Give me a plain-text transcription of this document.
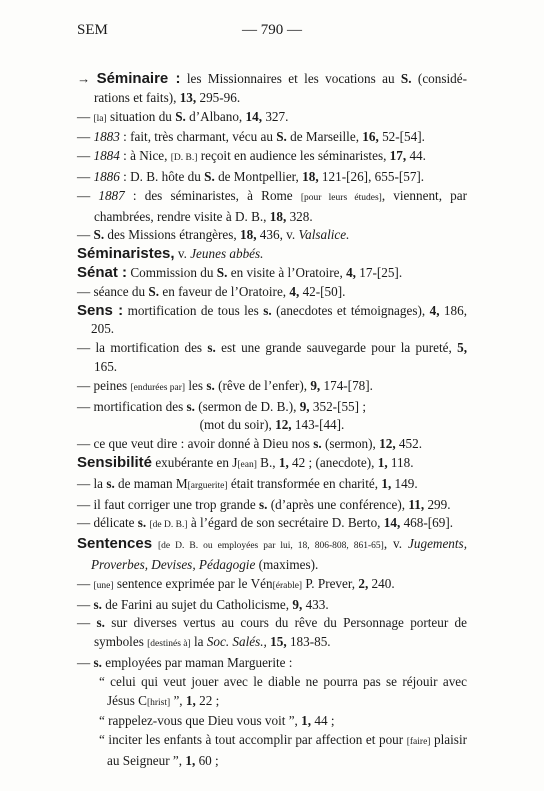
SEM	— 790 —
→ Séminaire : les Missionnaires et les vocations au S. (considé-rations et faits), 13, 295-96.
— [la] situation du S. d’Albano, 14, 327.
— 1883 : fait, très charmant, vécu au S. de Marseille, 16, 52-[54].
— 1884 : à Nice, [D. B.] reçoit en audience les séminaristes, 17, 44.
— 1886 : D. B. hôte du S. de Montpellier, 18, 121-[26], 655-[57].
— 1887 : des séminaristes, à Rome [pour leurs études], viennent, par chambrées, rendre visite à D. B., 18, 328.
— S. des Missions étrangères, 18, 436, v. Valsalice.
Séminaristes, v. Jeunes abbés.
Sénat : Commission du S. en visite à l’Oratoire, 4, 17-[25].
— séance du S. en faveur de l’Oratoire, 4, 42-[50].
Sens : mortification de tous les s. (anecdotes et témoignages), 4, 186, 205.
— la mortification des s. est une grande sauvegarde pour la pureté, 5, 165.
— peines [endurées par] les s. (rêve de l’enfer), 9, 174-[78].
— mortification des s. (sermon de D. B.), 9, 352-[55] ;
(mot du soir), 12, 143-[44].
— ce que veut dire : avoir donné à Dieu nos s. (sermon), 12, 452.
Sensibilité exubérante en J[ean] B., 1, 42 ; (anecdote), 1, 118.
— la s. de maman M[arguerite] était transformée en charité, 1, 149.
— il faut corriger une trop grande s. (d’après une conférence), 11, 299.
— délicate s. [de D. B.] à l’égard de son secrétaire D. Berto, 14, 468-[69].
Sentences [de D. B. ou employées par lui, 18, 806-808, 861-65], v. Jugements, Proverbes, Devises, Pédagogie (maximes).
— [une] sentence exprimée par le Vén[érable] P. Prever, 2, 240.
— s. de Farini au sujet du Catholicisme, 9, 433.
— s. sur diverses vertus au cours du rêve du Personnage porteur de symboles [destinés à] la Soc. Salés., 15, 183-85.
— s. employées par maman Marguerite :
“ celui qui veut jouer avec le diable ne pourra pas se réjouir avec Jésus C[hrist] ”, 1, 22 ;
“ rappelez-vous que Dieu vous voit ”, 1, 44 ;
“ inciter les enfants à tout accomplir par affection et pour [faire] plaisir au Seigneur ”, 1, 60 ;
